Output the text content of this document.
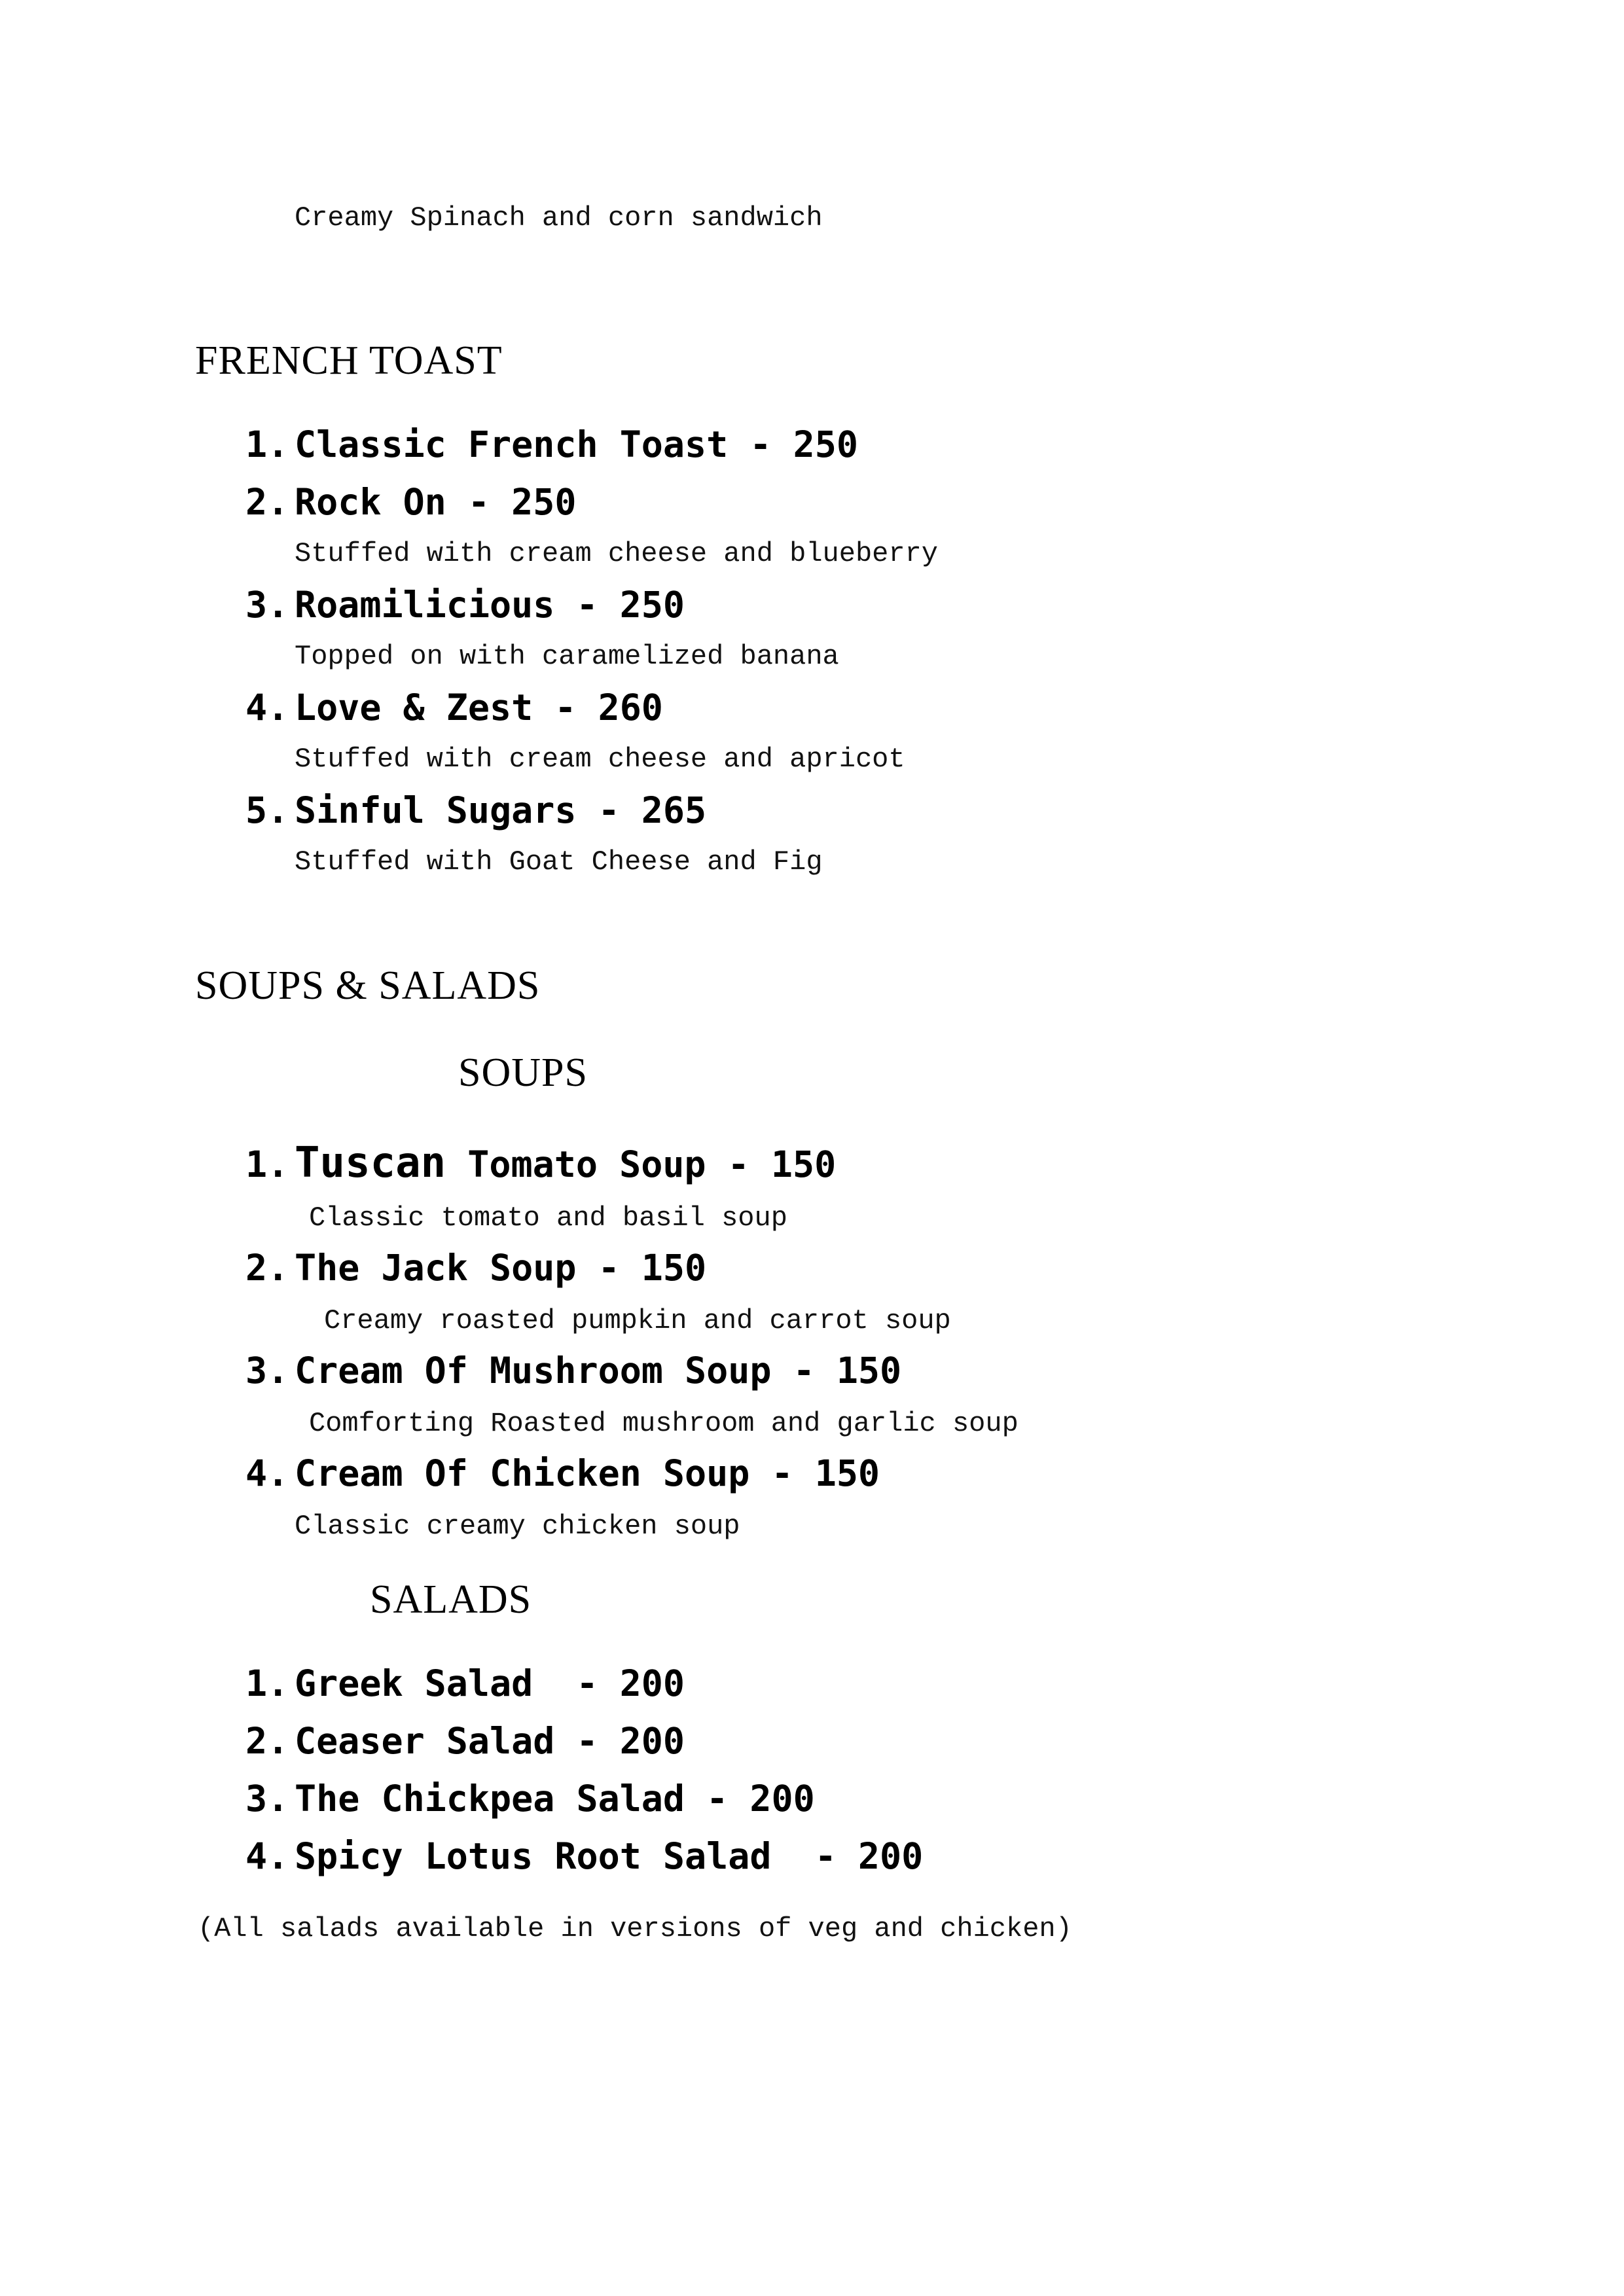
Creamy Spinach and corn sandwich
FRENCH TOAST
1. Classic French Toast - 250
2. Rock On - 250
Stuffed with cream cheese and blueberry
3. Roamilicious - 250
Topped on with caramelized banana
4. Love & Zest - 260
Stuffed with cream cheese and apricot
5. Sinful Sugars - 265
Stuffed with Goat Cheese and Fig
SOUPS & SALADS
SOUPS
1. Tuscan Tomato Soup - 150
Classic tomato and basil soup
2. The Jack Soup - 150
Creamy roasted pumpkin and carrot soup
3. Cream Of Mushroom Soup - 150
Comforting Roasted mushroom and garlic soup
4. Cream Of Chicken Soup - 150
Classic creamy chicken soup
SALADS
1. Greek Salad  - 200
2. Ceaser Salad - 200
3. The Chickpea Salad - 200
4. Spicy Lotus Root Salad  - 200
(All salads available in versions of veg and chicken)
